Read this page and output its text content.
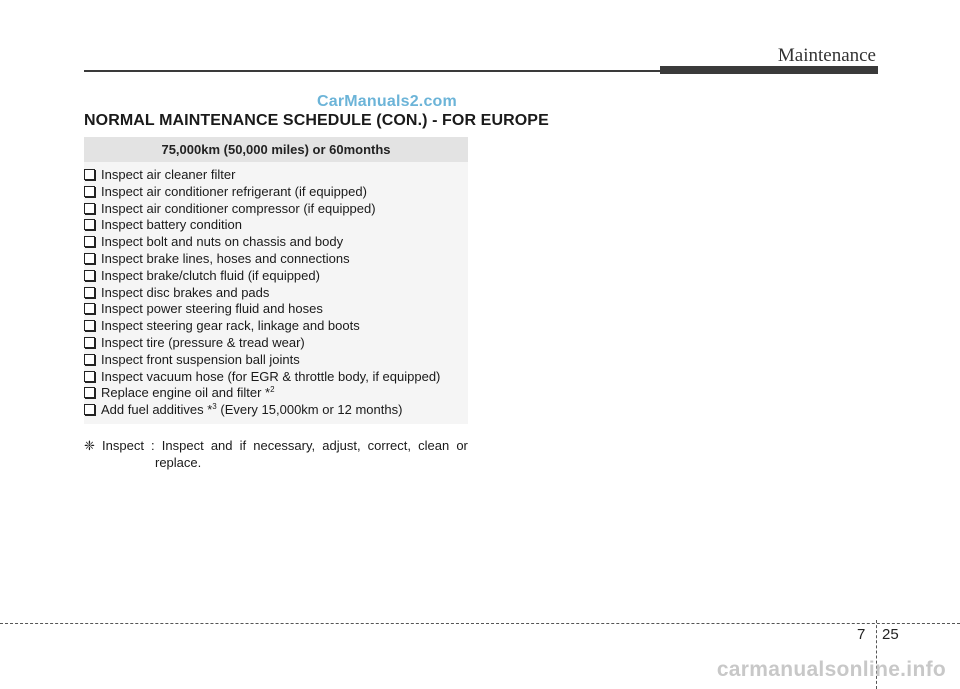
Maintenance
CarManuals2.com
NORMAL MAINTENANCE SCHEDULE (CON.) - FOR EUROPE
75,000km (50,000 miles) or 60months
Inspect air cleaner filter
Inspect air conditioner refrigerant (if equipped)
Inspect air conditioner compressor (if equipped)
Inspect battery condition
Inspect bolt and nuts on chassis and body
Inspect brake lines, hoses and connections
Inspect brake/clutch fluid (if equipped)
Inspect disc brakes and pads
Inspect power steering fluid and hoses
Inspect steering gear rack, linkage and boots
Inspect tire (pressure & tread wear)
Inspect front suspension ball joints
Inspect vacuum hose (for EGR & throttle body, if equipped)
Replace engine oil and filter *$^2$
Add fuel additives *$^3$ (Every 15,000km or 12 months)
❈ Inspect : Inspect and if necessary, adjust, correct, clean or
replace.
7 25
carmanualsonline.info
